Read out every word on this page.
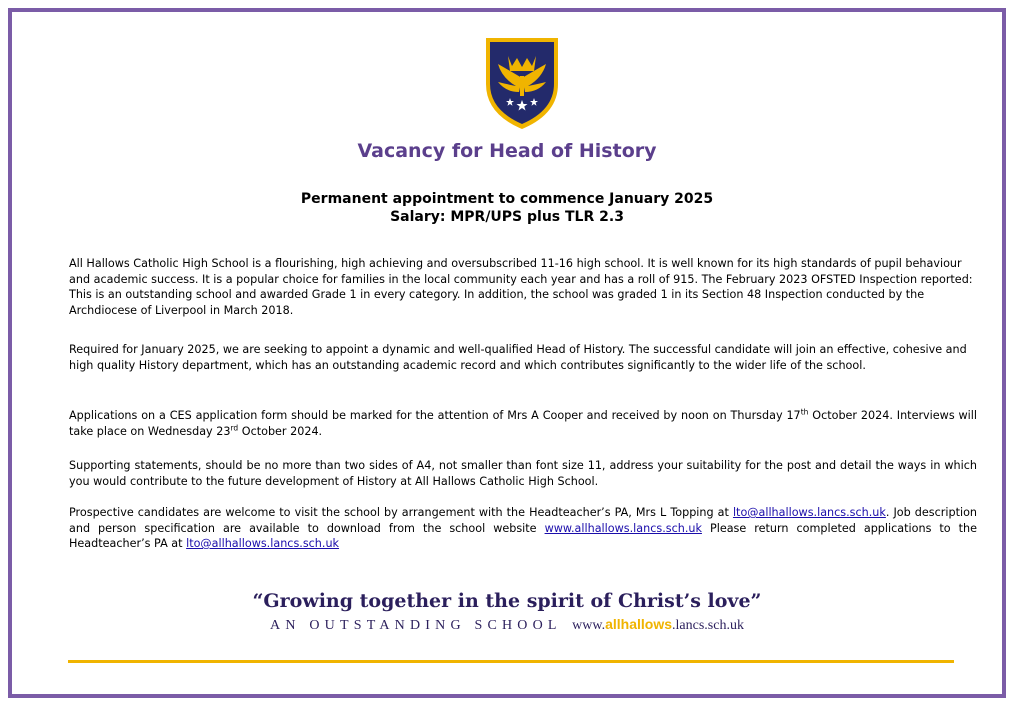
Vacancy for Head of History
Permanent appointment to commence January 2025
Salary: MPR/UPS plus TLR 2.3

All Hallows Catholic High School is a flourishing, high achieving and oversubscribed 11-16 high school. It is well known for its high standards of pupil behaviour and academic success. It is a popular choice for families in the local community each year and has a roll of 915. The February 2023 OFSTED Inspection reported: This is an outstanding school and awarded Grade 1 in every category. In addition, the school was graded 1 in its Section 48 Inspection conducted by the Archdiocese of Liverpool in March 2018.

Required for January 2025, we are seeking to appoint a dynamic and well-qualified Head of History. The successful candidate will join an effective, cohesive and high quality History department, which has an outstanding academic record and which contributes significantly to the wider life of the school.

Applications on a CES application form should be marked for the attention of Mrs A Cooper and received by noon on Thursday 17th October 2024. Interviews will take place on Wednesday 23rd October 2024.

Supporting statements, should be no more than two sides of A4, not smaller than font size 11, address your suitability for the post and detail the ways in which you would contribute to the future development of History at All Hallows Catholic High School.

Prospective candidates are welcome to visit the school by arrangement with the Headteacher’s PA, Mrs L Topping at lto@allhallows.lancs.sch.uk. Job description and person specification are available to download from the school website www.allhallows.lancs.sch.uk Please return completed applications to the Headteacher’s PA at lto@allhallows.lancs.sch.uk

“Growing together in the spirit of Christ’s love”
AN OUTSTANDING SCHOOL www.allhallows.lancs.sch.uk
